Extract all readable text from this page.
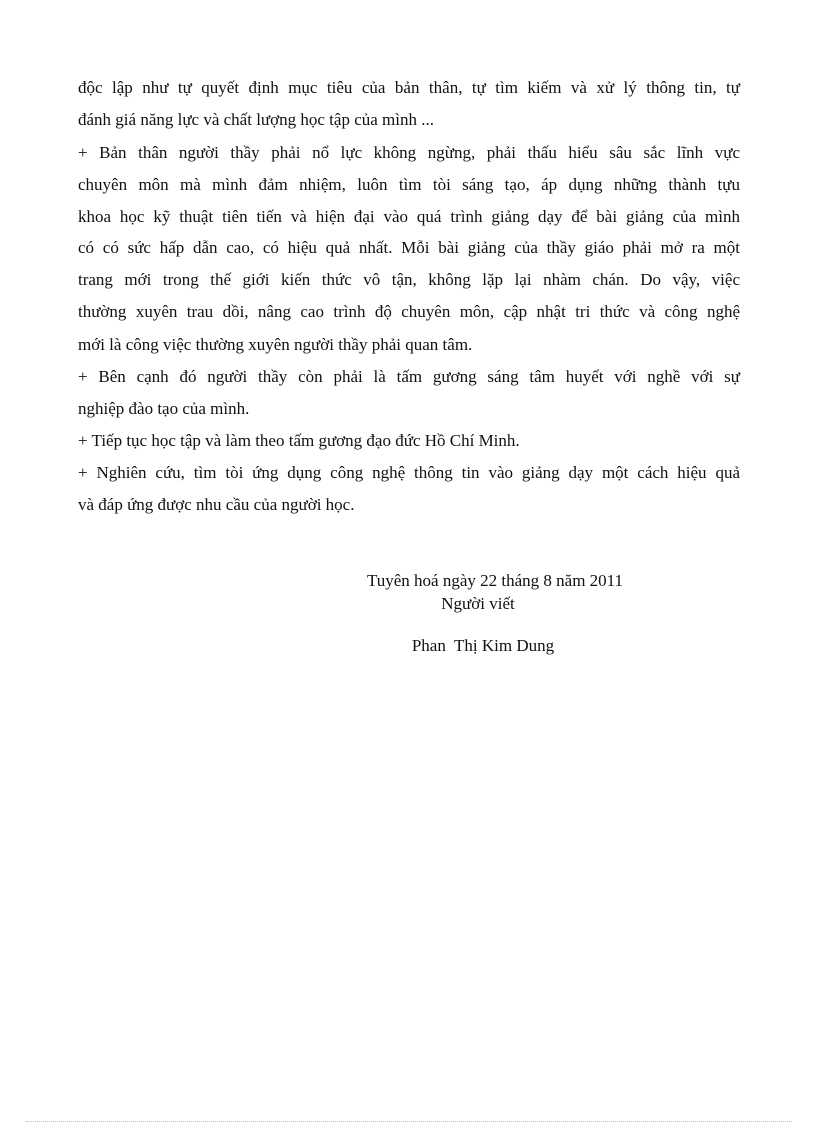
độc lập như tự quyết định mục tiêu của bản thân, tự tìm kiếm và xử lý thông tin, tự
đánh giá năng lực và chất lượng học tập của mình ...
+ Bản thân người thầy phải nổ lực không ngừng, phải thấu hiểu sâu sắc lĩnh vực
chuyên môn mà mình đảm nhiệm, luôn tìm tòi sáng tạo, áp dụng những thành tựu
khoa học kỹ thuật tiên tiến và hiện đại vào quá trình giảng dạy để bài giảng của mình
có có sức hấp dẫn cao, có hiệu quả nhất. Mỗi bài giảng của thầy giáo phải mở ra một
trang mới trong thế giới kiến thức vô tận, không lặp lại nhàm chán. Do vậy, việc
thường xuyên trau dồi, nâng cao trình độ chuyên môn, cập nhật tri thức và công nghệ
mới là công việc thường xuyên người thầy phải quan tâm.
+ Bên cạnh đó người thầy còn phải là tấm gương sáng tâm huyết với nghề với sự
nghiệp đào tạo của mình.
+ Tiếp tục học tập và làm theo tấm gương đạo đức Hồ Chí Minh.
+ Nghiên cứu, tìm tòi ứng dụng công nghệ thông tin vào giảng dạy một cách hiệu quả
và đáp ứng được nhu cầu của người học.
Tuyên hoá ngày 22 tháng 8 năm 2011
Người viết
Phan  Thị Kim Dung
